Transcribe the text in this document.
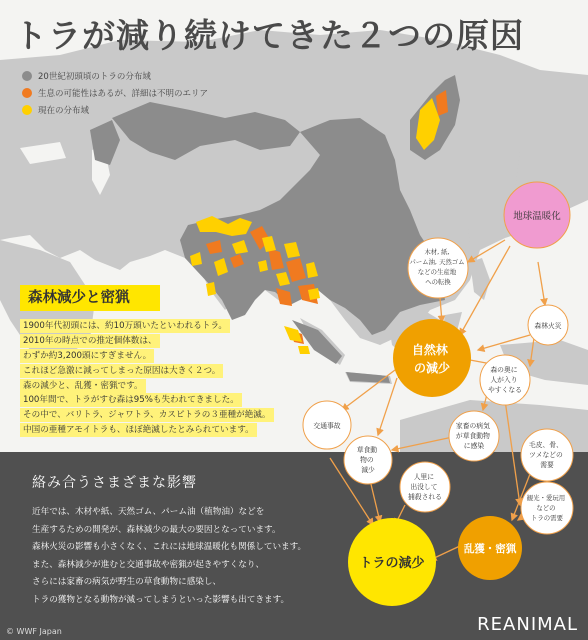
トラが減り続けてきた２つの原因
20世紀初頭頃のトラの分布域
生息の可能性はあるが、詳細は不明のエリア
現在の分布域
森林減少と密猟
1900年代初頭には、約10万頭いたといわれるトラ。
2010年の時点での推定個体数は、
わずか約3,200頭にすぎません。
これほど急激に減ってしまった原因は大きく２つ。
森の減少と、乱獲・密猟です。
100年間で、トラがすむ森は95%も失われてきました。
その中で、バリトラ、ジャワトラ、カスピトラの３亜種が絶滅。
中国の亜種アモイトラも、ほぼ絶滅したとみられています。
絡み合うさまざまな影響
近年では、木材や紙、天然ゴム、パーム油（植物油）などを
生産するための開発が、森林減少の最大の要因となっています。
森林火災の影響も小さくなく、これには地球温暖化も関係しています。
また、森林減少が進むと交通事故や密猟が起きやすくなり、
さらには家畜の病気が野生の草食動物に感染し、
トラの獲物となる動物が減ってしまうといった影響も出てきます。
地球温暖化
木材, 紙, パーム油, 天然ゴム などの生産地 への転換
森林火災
自然林 の減少	森の奥に 人が入り やすくなる
交通事故	家畜の病気 が草食動物 に感染
草食動 物の 減少
毛皮、骨、 ツメなどの 需要
人里に 出没して 捕殺される	観光・愛玩用 などの トラの需要
乱獲・密猟
トラの減少
© WWF Japan	REANIMAL
